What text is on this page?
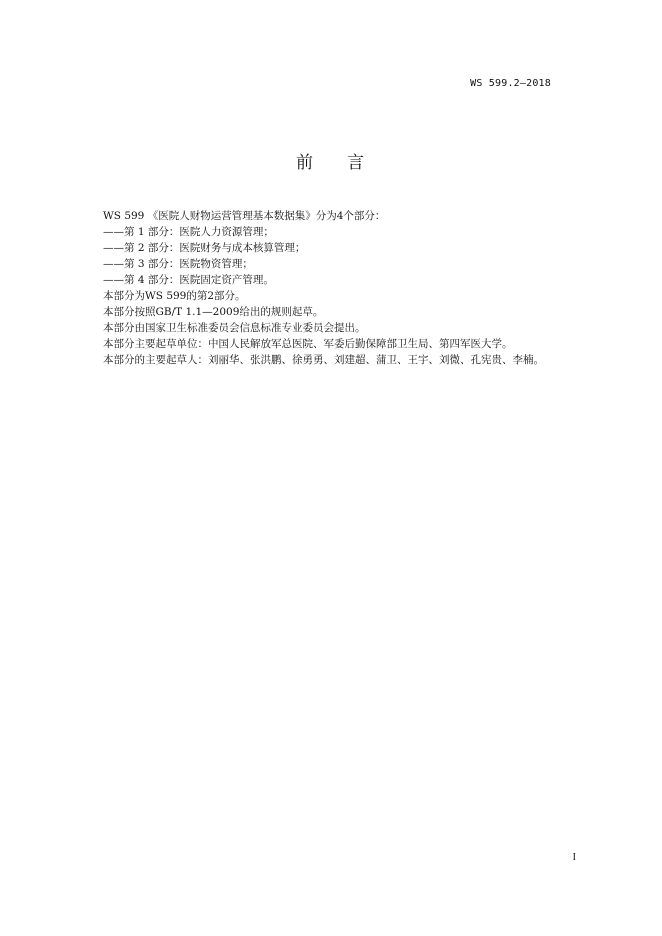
WS 599.2—2018
前 言
WS 599 《医院人财物运营管理基本数据集》分为4个部分：
——第 1 部分：医院人力资源管理；
——第 2 部分：医院财务与成本核算管理；
——第 3 部分：医院物资管理；
——第 4 部分：医院固定资产管理。
本部分为WS 599的第2部分。
本部分按照GB/T 1.1—2009给出的规则起草。
本部分由国家卫生标准委员会信息标准专业委员会提出。
本部分主要起草单位：中国人民解放军总医院、军委后勤保障部卫生局、第四军医大学。
本部分的主要起草人：刘丽华、张洪鹏、徐勇勇、刘建超、蒲卫、王宇、刘微、孔宪贵、李楠。
I
